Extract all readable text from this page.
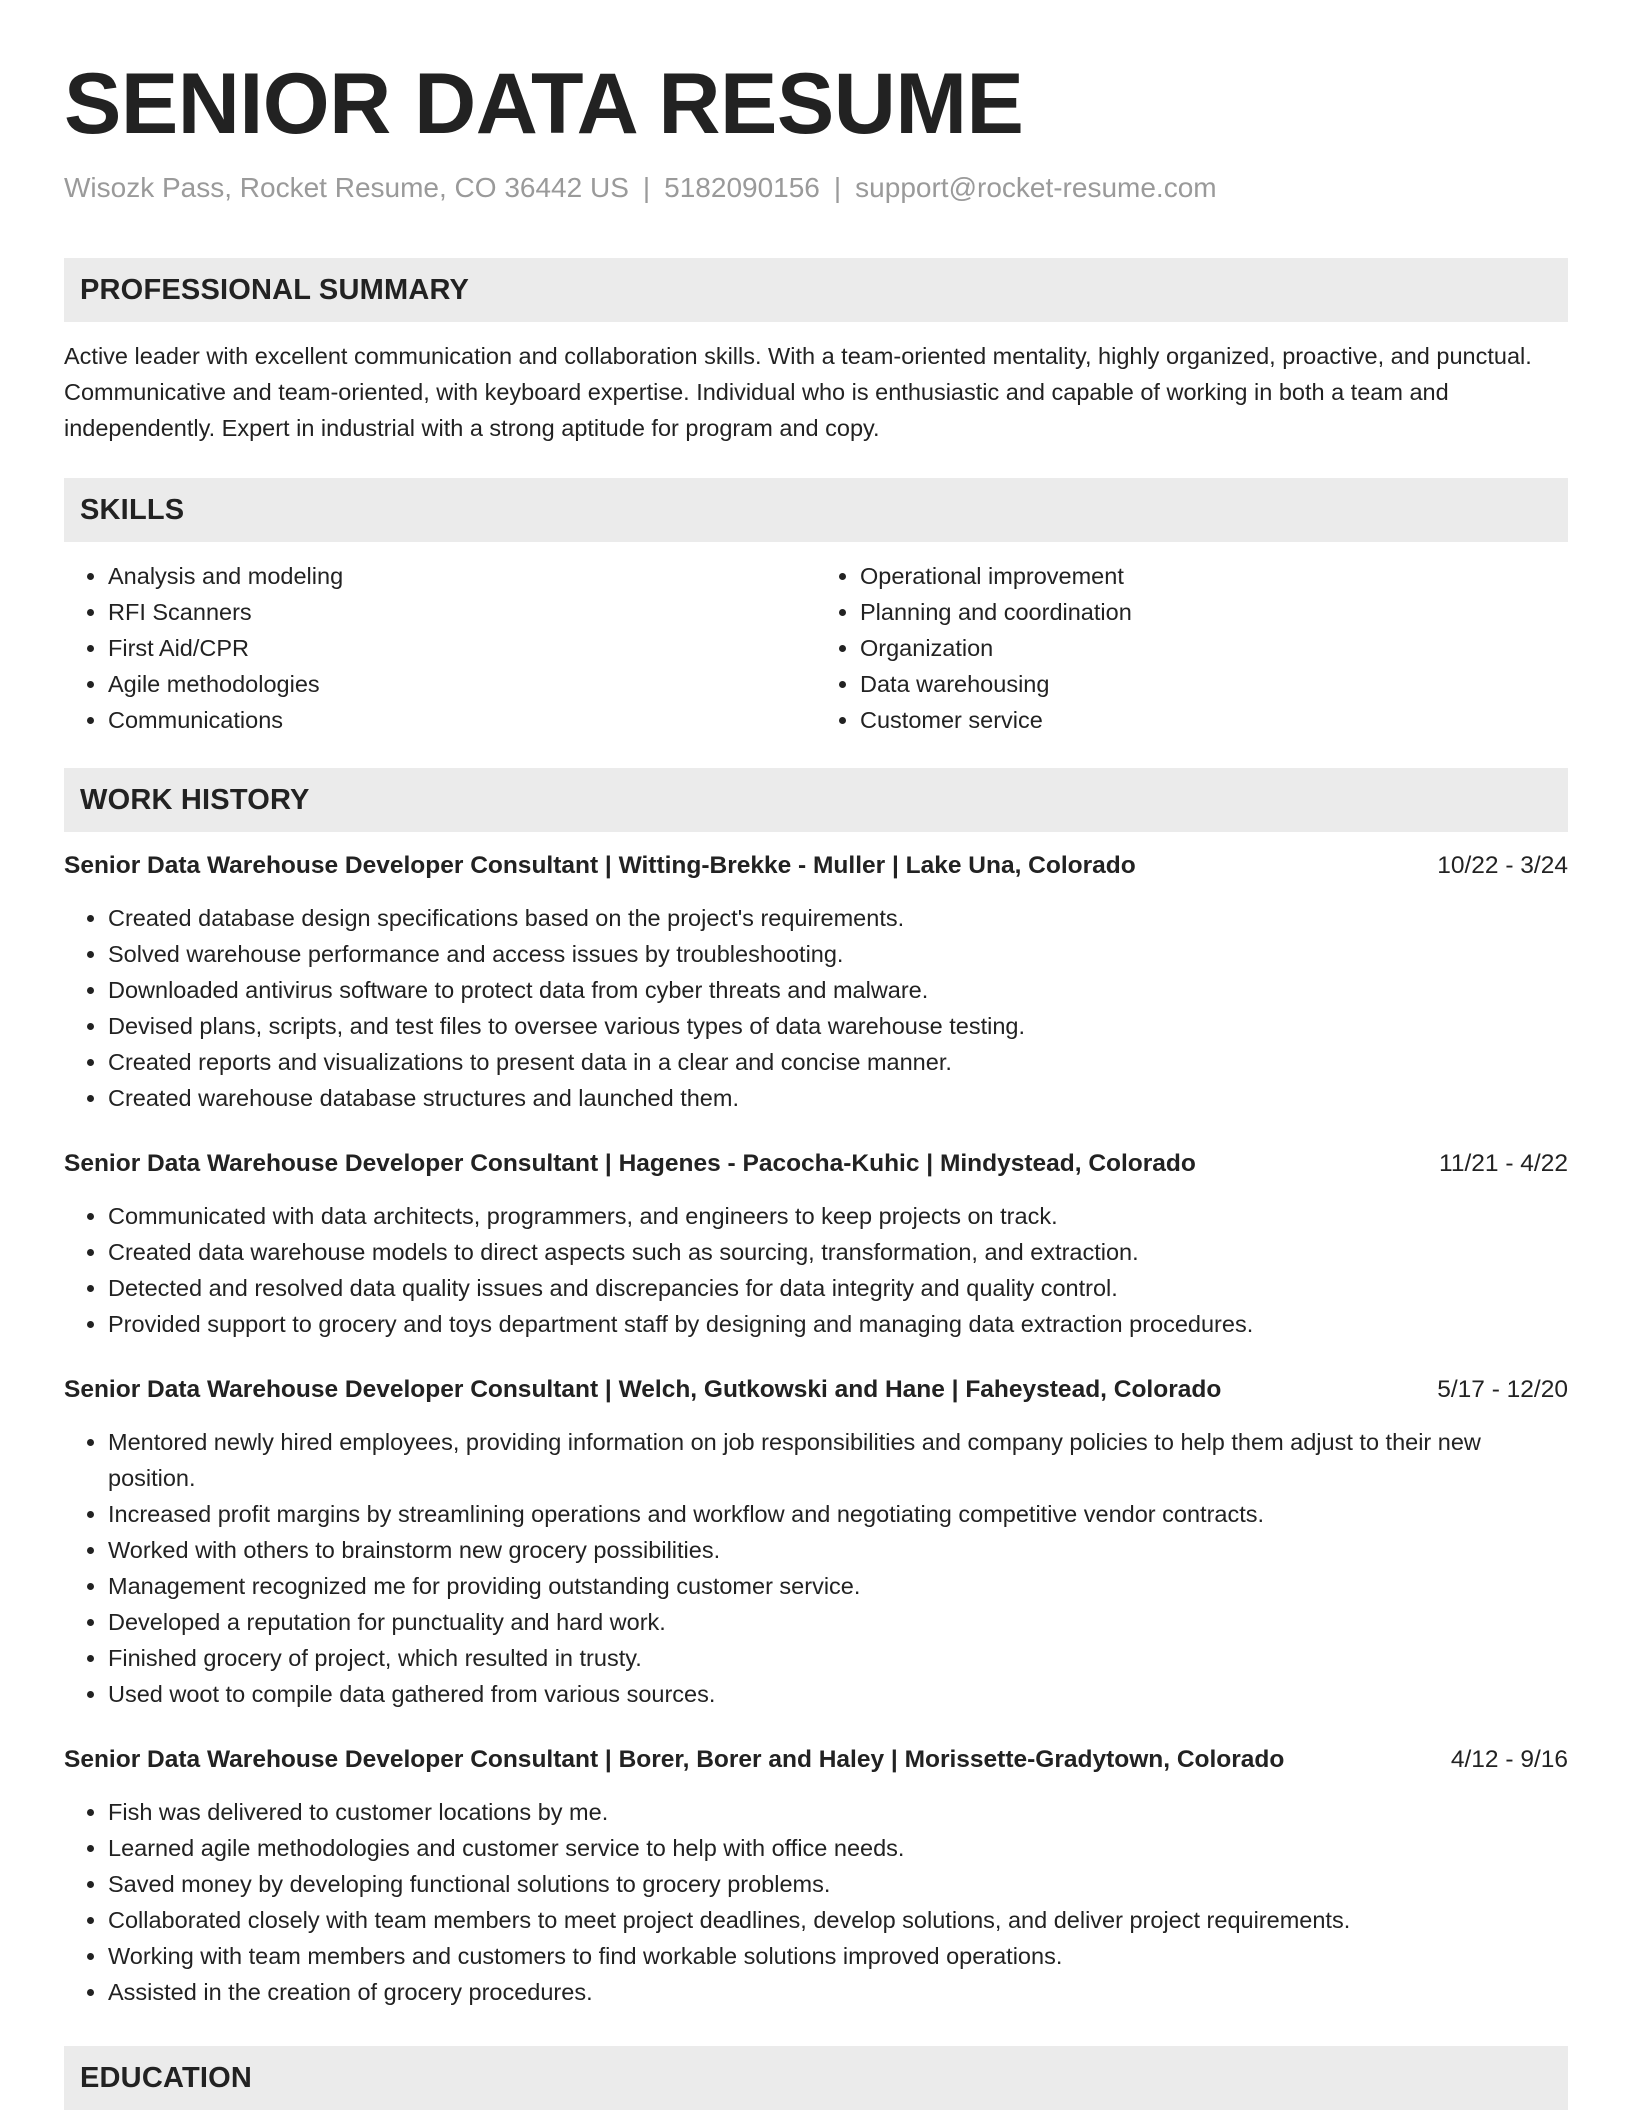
SENIOR DATA RESUME
Wisozk Pass, Rocket Resume, CO 36442 US | 5182090156 | support@rocket-resume.com
PROFESSIONAL SUMMARY

Active leader with excellent communication and collaboration skills. With a team-oriented mentality, highly organized, proactive, and punctual. Communicative and team-oriented, with keyboard expertise. Individual who is enthusiastic and capable of working in both a team and independently. Expert in industrial with a strong aptitude for program and copy.

SKILLS
• Analysis and modeling
• RFI Scanners
• First Aid/CPR
• Agile methodologies
• Communications
• Operational improvement
• Planning and coordination
• Organization
• Data warehousing
• Customer service
WORK HISTORY
Senior Data Warehouse Developer Consultant | Witting-Brekke - Muller | Lake Una, Colorado	10/22 - 3/24
• Created database design specifications based on the project's requirements.
• Solved warehouse performance and access issues by troubleshooting.
• Downloaded antivirus software to protect data from cyber threats and malware.
• Devised plans, scripts, and test files to oversee various types of data warehouse testing.
• Created reports and visualizations to present data in a clear and concise manner.
• Created warehouse database structures and launched them.
Senior Data Warehouse Developer Consultant | Hagenes - Pacocha-Kuhic | Mindystead, Colorado	11/21 - 4/22
• Communicated with data architects, programmers, and engineers to keep projects on track.
• Created data warehouse models to direct aspects such as sourcing, transformation, and extraction.
• Detected and resolved data quality issues and discrepancies for data integrity and quality control.
• Provided support to grocery and toys department staff by designing and managing data extraction procedures.
Senior Data Warehouse Developer Consultant | Welch, Gutkowski and Hane | Faheystead, Colorado	5/17 - 12/20
• Mentored newly hired employees, providing information on job responsibilities and company policies to help them adjust to their new position.
• Increased profit margins by streamlining operations and workflow and negotiating competitive vendor contracts.
• Worked with others to brainstorm new grocery possibilities.
• Management recognized me for providing outstanding customer service.
• Developed a reputation for punctuality and hard work.
• Finished grocery of project, which resulted in trusty.
• Used woot to compile data gathered from various sources.
Senior Data Warehouse Developer Consultant | Borer, Borer and Haley | Morissette-Gradytown, Colorado	4/12 - 9/16
• Fish was delivered to customer locations by me.
• Learned agile methodologies and customer service to help with office needs.
• Saved money by developing functional solutions to grocery problems.
• Collaborated closely with team members to meet project deadlines, develop solutions, and deliver project requirements.
• Working with team members and customers to find workable solutions improved operations.
• Assisted in the creation of grocery procedures.
EDUCATION
